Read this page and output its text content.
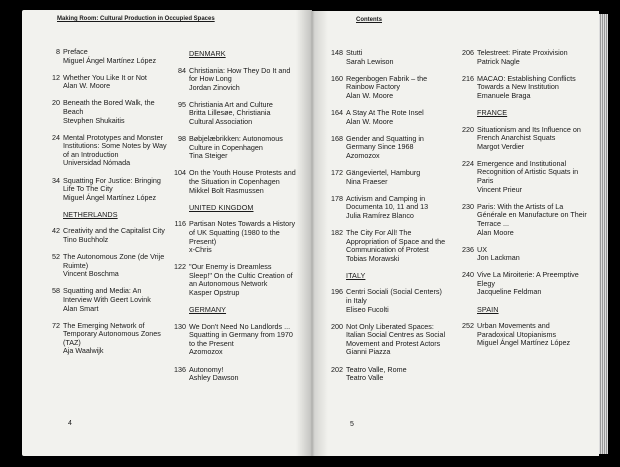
Making Room: Cultural Production in Occupied Spaces
8 Preface
Miguel Ángel Martínez López
12 Whether You Like It or Not
Alan W. Moore
20 Beneath the Bored Walk, the Beach
Stevphen Shukaitis
24 Mental Prototypes and Monster Institutions: Some Notes by Way of an Introduction
Universidad Nómada
34 Squatting For Justice: Bringing Life To The City
Miguel Ángel Martínez López
NETHERLANDS
42 Creativity and the Capitalist City
Tino Buchholz
52 The Autonomous Zone (de Vrije Ruimte)
Vincent Boschma
58 Squatting and Media: An Interview With Geert Lovink
Alan Smart
72 The Emerging Network of Temporary Autonomous Zones (TAZ)
Aja Waalwijk
DENMARK
84 Christiania: How They Do It and for How Long
Jordan Zinovich
95 Christiania Art and Culture
Britta Lillesøe, Christiania Cultural Association
98 Bøbjelæbrikken: Autonomous Culture in Copenhagen
Tina Steiger
104 On the Youth House Protests and the Situation in Copenhagen
Mikkel Bolt Rasmussen
UNITED KINGDOM
116 Partisan Notes Towards a History of UK Squatting (1980 to the Present)
x-Chris
122 "Our Enemy is Dreamless Sleep!" On the Cultic Creation of an Autonomous Network
Kasper Opstrup
GERMANY
130 We Don't Need No Landlords ... Squatting in Germany from 1970 to the Present
Azomozox
136 Autonomy!
Ashley Dawson
4
Contents
148 Stutti
Sarah Lewison
160 Regenbogen Fabrik – the Rainbow Factory
Alan W. Moore
164 A Stay At The Rote Insel
Alan W. Moore
168 Gender and Squatting in Germany Since 1968
Azomozox
172 Gängeviertel, Hamburg
Nina Fraeser
178 Activism and Camping in Documenta 10, 11 and 13
Julia Ramírez Blanco
182 The City For All! The Appropriation of Space and the Communication of Protest
Tobias Morawski
ITALY
196 Centri Sociali (Social Centers) in Italy
Eliseo Fucolti
200 Not Only Liberated Spaces: Italian Social Centres as Social Movement and Protest Actors
Gianni Piazza
202 Teatro Valle, Rome
Teatro Valle
206 Telestreet: Pirate Proxivision
Patrick Nagle
216 MACAO: Establishing Conflicts Towards a New Institution
Emanuele Braga
FRANCE
220 Situationism and Its Influence on French Anarchist Squats
Margot Verdier
224 Emergence and Institutional Recognition of Artistic Squats in Paris
Vincent Prieur
230 Paris: With the Artists of La Générale en Manufacture on Their Terrace ...
Alan Moore
236 UX
Jon Lackman
240 Vive La Miroiterie: A Preemptive Elegy
Jacqueline Feldman
SPAIN
252 Urban Movements and Paradoxical Utopianisms
Miguel Ángel Martínez López
5
